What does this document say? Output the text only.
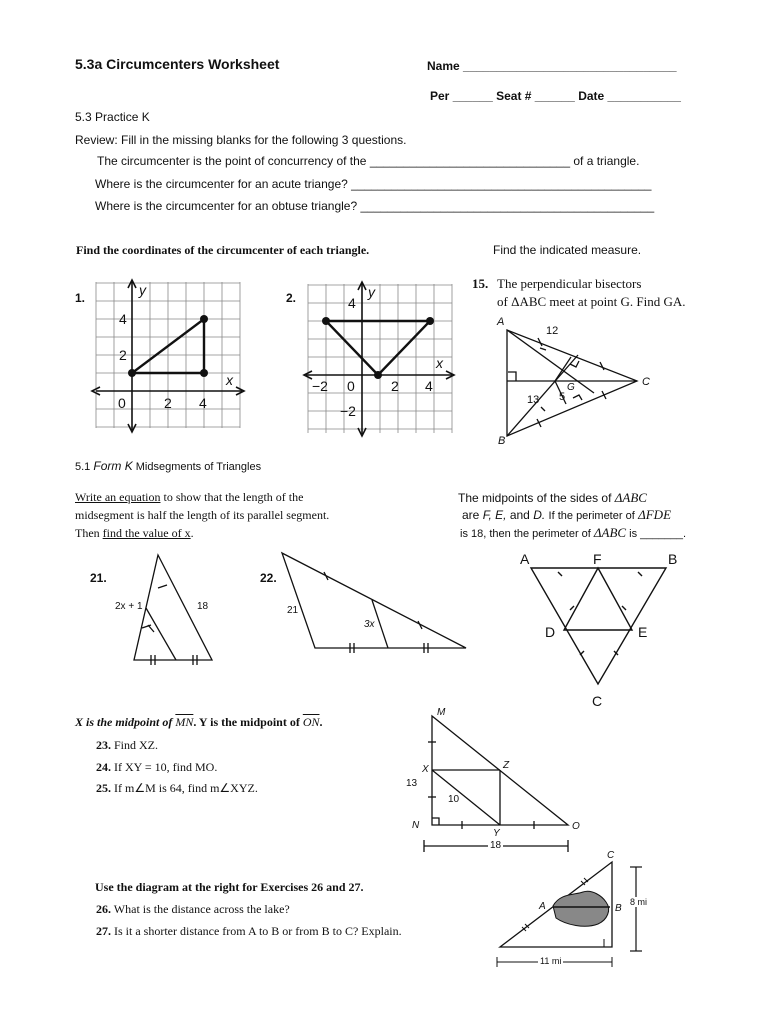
5.3a Circumcenters Worksheet	Name ________________________________
Per ______ Seat # ______ Date ___________
5.3 Practice K
Review: Fill in the missing blanks for the following 3 questions.
The circumcenter is the point of concurrency of the ______________________________ of a triangle.
Where is the circumcenter for an acute triange? _____________________________________________
Where is the circumcenter for an obtuse triangle? ____________________________________________
Find the coordinates of the circumcenter of each triangle.	Find the indicated measure.
1.	2.
y
x
4
2
0	2 4
y
x
4
−2 0	2 4
−2
15. The perpendicular bisectors
of ΔABC meet at point G. Find GA.
A
12
C
G
13 5
B
5.1 Form K Midsegments of Triangles
Write an equation to show that the length of the
midsegment is half the length of its parallel segment.
Then find the value of x.
21.
2x + 1	18
22.
21
3x
The midpoints of the sides of ΔABC
are F, E, and D. If the perimeter of ΔFDE
is 18, then the perimeter of ΔABC is _______.
A	F	B
D	E
C
X is the midpoint of $\overline{MN}$. Y is the midpoint of $\overline{ON}$.
23. Find XZ.
24. If XY = 10, find MO.
25. If m∠M is 64, find m∠XYZ.
M
X	Z
13
10
N
Y
O
18
Use the diagram at the right for Exercises 26 and 27.
26. What is the distance across the lake?
27. Is it a shorter distance from A to B or from B to C? Explain.
C
A	B
8 mi
11 mi
